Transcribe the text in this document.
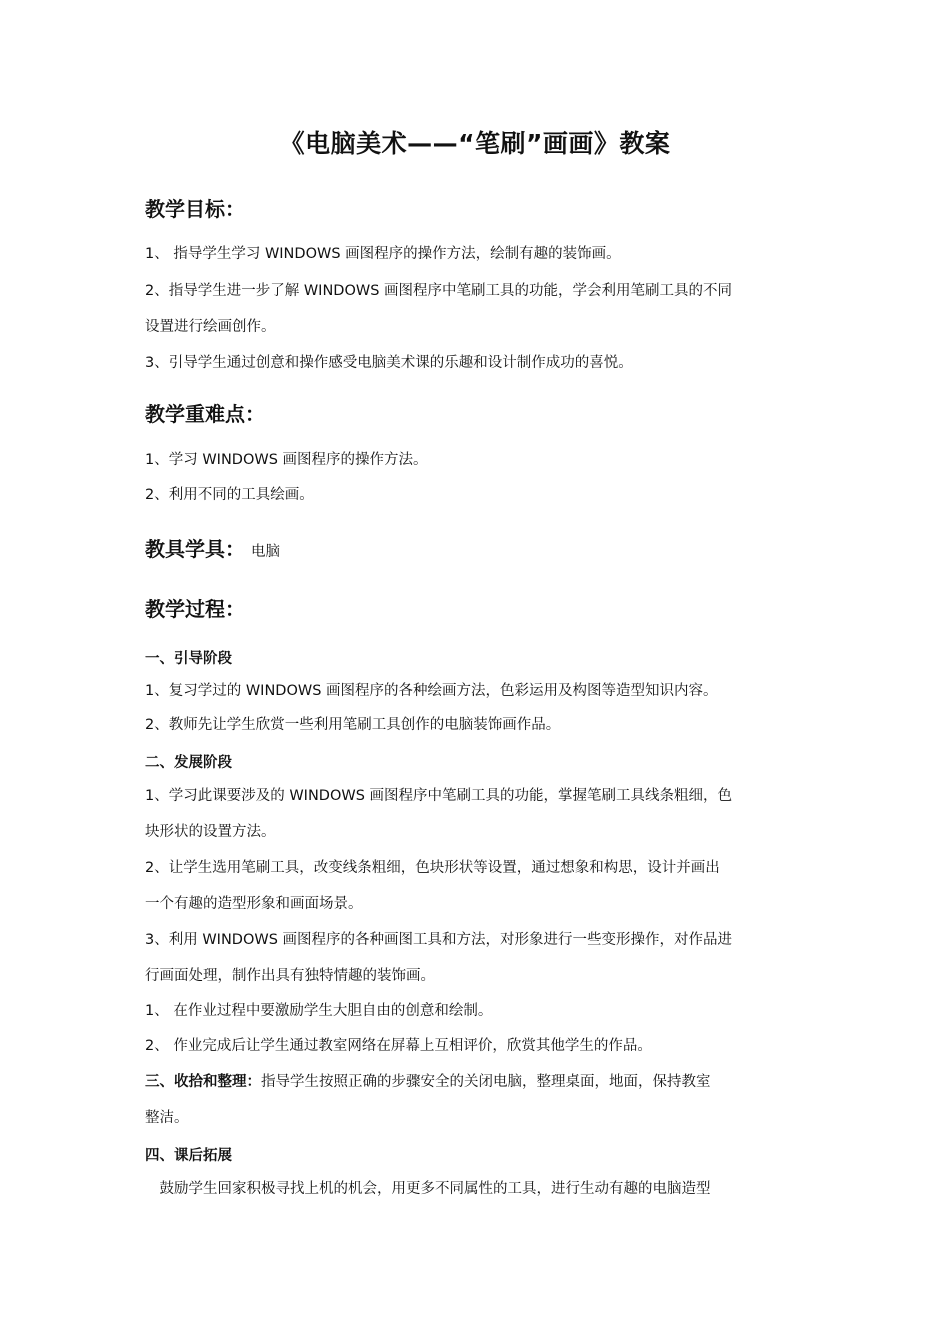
《电脑美术——“笔刷”画画》教案
教学目标：

1、 指导学生学习 WINDOWS 画图程序的操作方法，绘制有趣的装饰画。

2、指导学生进一步了解 WINDOWS 画图程序中笔刷工具的功能，学会利用笔刷工具的不同

设置进行绘画创作。

3、引导学生通过创意和操作感受电脑美术课的乐趣和设计制作成功的喜悦。

教学重难点：

1、学习 WINDOWS 画图程序的操作方法。

2、利用不同的工具绘画。

教具学具： 电脑
教学过程：

一、引导阶段

1、复习学过的 WINDOWS 画图程序的各种绘画方法，色彩运用及构图等造型知识内容。

2、教师先让学生欣赏一些利用笔刷工具创作的电脑装饰画作品。

二、发展阶段

1、学习此课要涉及的 WINDOWS 画图程序中笔刷工具的功能，掌握笔刷工具线条粗细，色

块形状的设置方法。

2、让学生选用笔刷工具，改变线条粗细，色块形状等设置，通过想象和构思，设计并画出

一个有趣的造型形象和画面场景。

3、利用 WINDOWS 画图程序的各种画图工具和方法，对形象进行一些变形操作，对作品进

行画面处理，制作出具有独特情趣的装饰画。

1、 在作业过程中要激励学生大胆自由的创意和绘制。

2、 作业完成后让学生通过教室网络在屏幕上互相评价，欣赏其他学生的作品。

三、收拾和整理：指导学生按照正确的步骤安全的关闭电脑，整理桌面，地面，保持教室

整洁。

四、课后拓展

　鼓励学生回家积极寻找上机的机会，用更多不同属性的工具，进行生动有趣的电脑造型
